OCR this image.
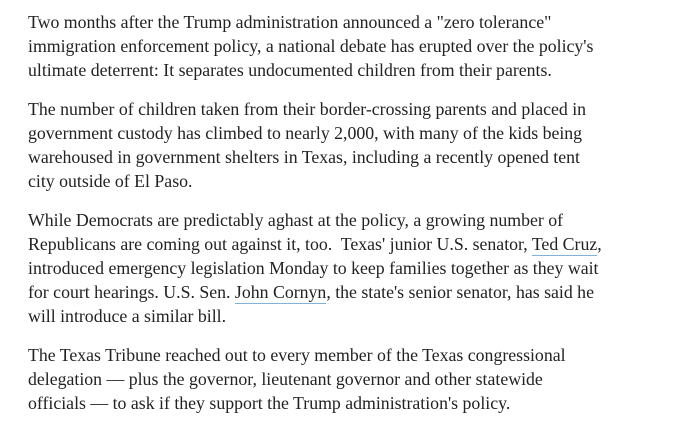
Two months after the Trump administration announced a "zero tolerance"
immigration enforcement policy, a national debate has erupted over the policy's
ultimate deterrent: It separates undocumented children from their parents.

The number of children taken from their border-crossing parents and placed in
government custody has climbed to nearly 2,000, with many of the kids being
warehoused in government shelters in Texas, including a recently opened tent
city outside of El Paso.

While Democrats are predictably aghast at the policy, a growing number of
Republicans are coming out against it, too.  Texas' junior U.S. senator, Ted Cruz,
introduced emergency legislation Monday to keep families together as they wait
for court hearings. U.S. Sen. John Cornyn, the state's senior senator, has said he
will introduce a similar bill.

The Texas Tribune reached out to every member of the Texas congressional
delegation — plus the governor, lieutenant governor and other statewide
officials — to ask if they support the Trump administration's policy.
